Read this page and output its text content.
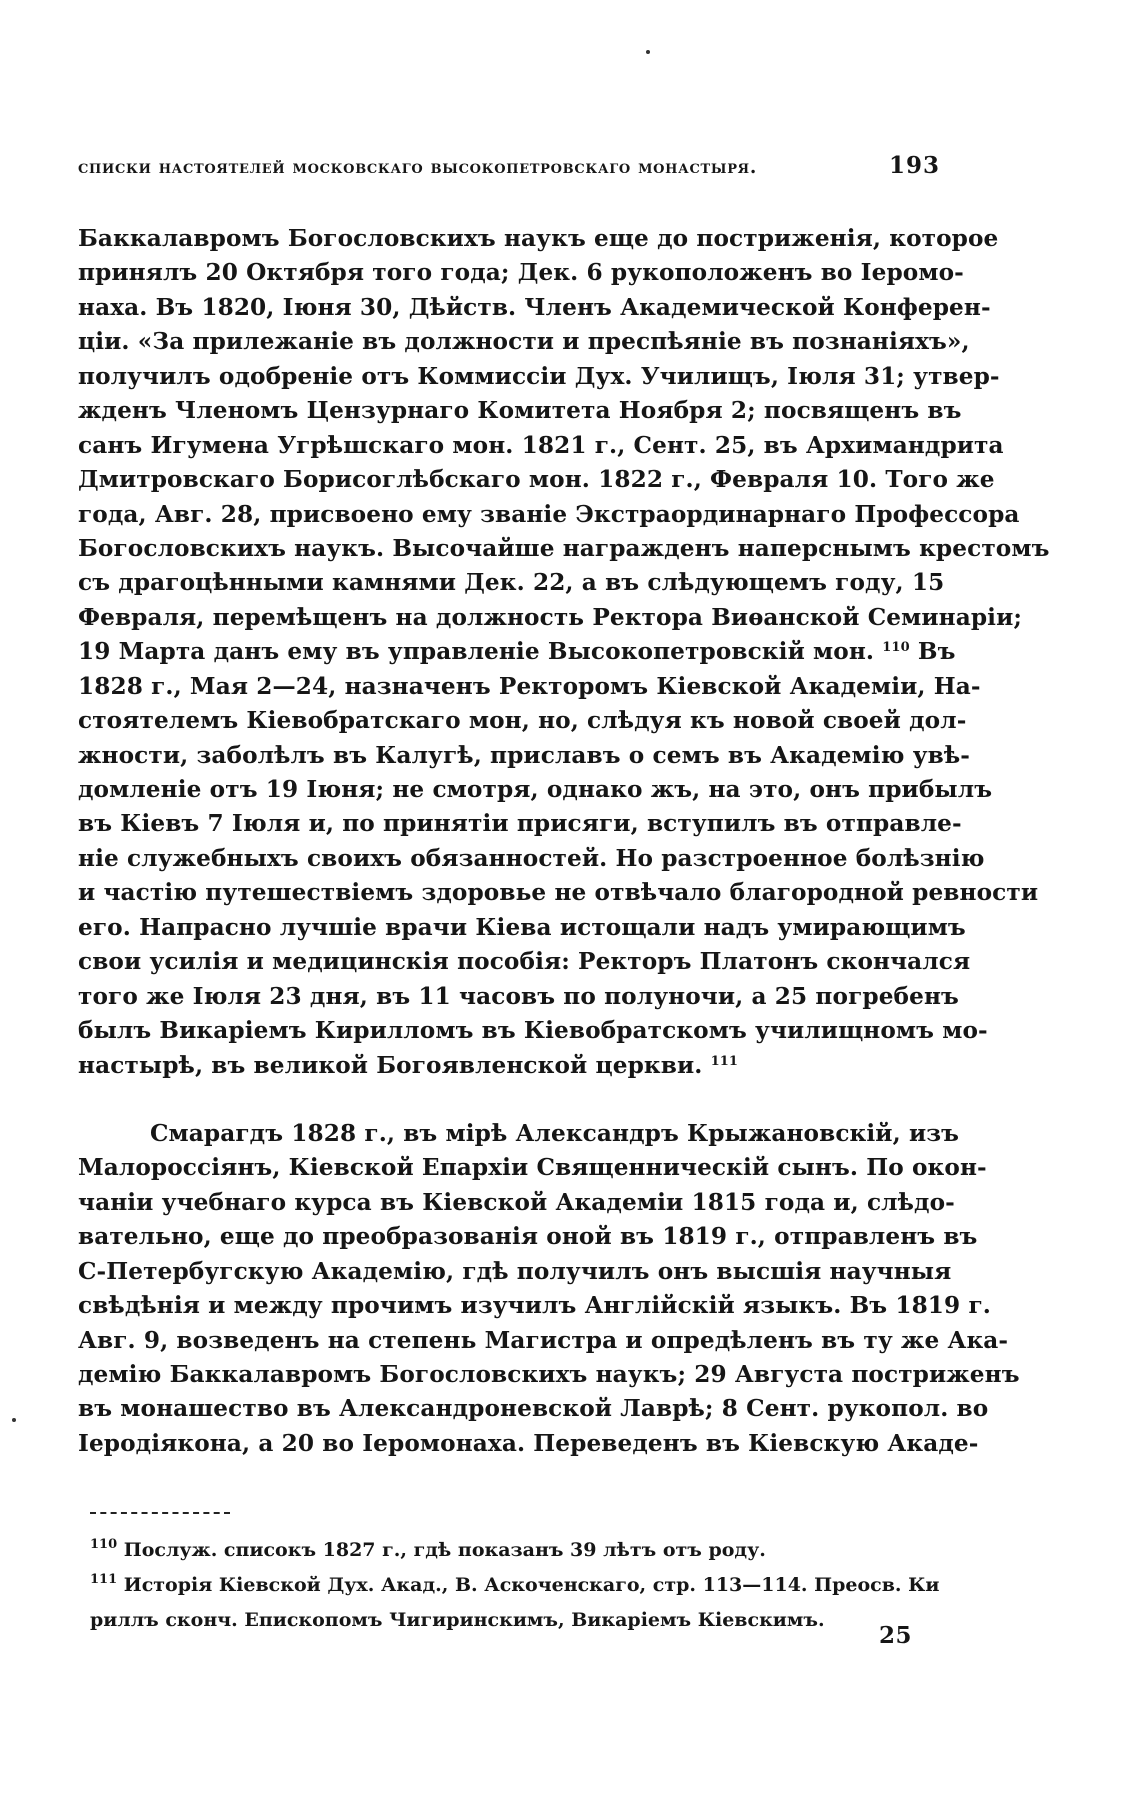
списки настоятелей московскаго высокопетровскаго монастыря.	193
Баккалавромъ Богословскихъ наукъ еще до постриженія, которое
принялъ 20 Октября того года; Дек. 6 рукоположенъ во Іеромо-
наха. Въ 1820, Іюня 30, Дѣйств. Членъ Академической Конферен-
ціи. «За прилежаніе въ должности и преспѣяніе въ познаніяхъ»,
получилъ одобреніе отъ Коммиссіи Дух. Училищъ, Іюля 31; утвер-
жденъ Членомъ Цензурнаго Комитета Ноября 2; посвященъ въ
санъ Игумена Угрѣшскаго мон. 1821 г., Сент. 25, въ Архимандрита
Дмитровскаго Борисоглѣбскаго мон. 1822 г., Февраля 10. Того же
года, Авг. 28, присвоено ему званіе Экстраординарнаго Профессора
Богословскихъ наукъ. Высочайше награжденъ наперснымъ крестомъ
съ драгоцѣнными камнями Дек. 22, а въ слѣдующемъ году, 15
Февраля, перемѣщенъ на должность Ректора Виѳанской Семинаріи;
19 Марта данъ ему въ управленіе Высокопетровскій мон. $^{110}$ Въ
1828 г., Мая 2—24, назначенъ Ректоромъ Кіевской Академіи, На-
стоятелемъ Кіевобратскаго мон, но, слѣдуя къ новой своей дол-
жности, заболѣлъ въ Калугѣ, приславъ о семъ въ Академію увѣ-
домленіе отъ 19 Іюня; не смотря, однако жъ, на это, онъ прибылъ
въ Кіевъ 7 Іюля и, по принятіи присяги, вступилъ въ отправле-
ніе служебныхъ своихъ обязанностей. Но разстроенное болѣзнію
и частію путешествіемъ здоровье не отвѣчало благородной ревности
его. Напрасно лучшіе врачи Кіева истощали надъ умирающимъ
свои усилія и медицинскія пособія: Ректоръ Платонъ скончался
того же Іюля 23 дня, въ 11 часовъ по полуночи, а 25 погребенъ
былъ Викаріемъ Кирилломъ въ Кіевобратскомъ училищномъ мо-
настырѣ, въ великой Богоявленской церкви. $^{111}$
Смарагдъ 1828 г., въ мірѣ Александръ Крыжановскій, изъ
Малороссіянъ, Кіевской Епархіи Священническій сынъ. По окон-
чаніи учебнаго курса въ Кіевской Академіи 1815 года и, слѣдо-
вательно, еще до преобразованія оной въ 1819 г., отправленъ въ
С-Петербугскую Академію, гдѣ получилъ онъ высшія научныя
свѣдѣнія и между прочимъ изучилъ Англійскій языкъ. Въ 1819 г.
Авг. 9, возведенъ на степень Магистра и опредѣленъ въ ту же Ака-
демію Баккалавромъ Богословскихъ наукъ; 29 Августа постриженъ
въ монашество въ Александроневской Лаврѣ; 8 Сент. рукопол. во
Іеродіякона, а 20 во Іеромонаха. Переведенъ въ Кіевскую Акаде-
$^{110}$ Послуж. списокъ 1827 г., гдѣ показанъ 39 лѣтъ отъ роду.
$^{111}$ Исторія Кіевской Дух. Акад., В. Аскоченскаго, стр. 113—114. Преосв. Ки
риллъ сконч. Епископомъ Чигиринскимъ, Викаріемъ Кіевскимъ.
25
